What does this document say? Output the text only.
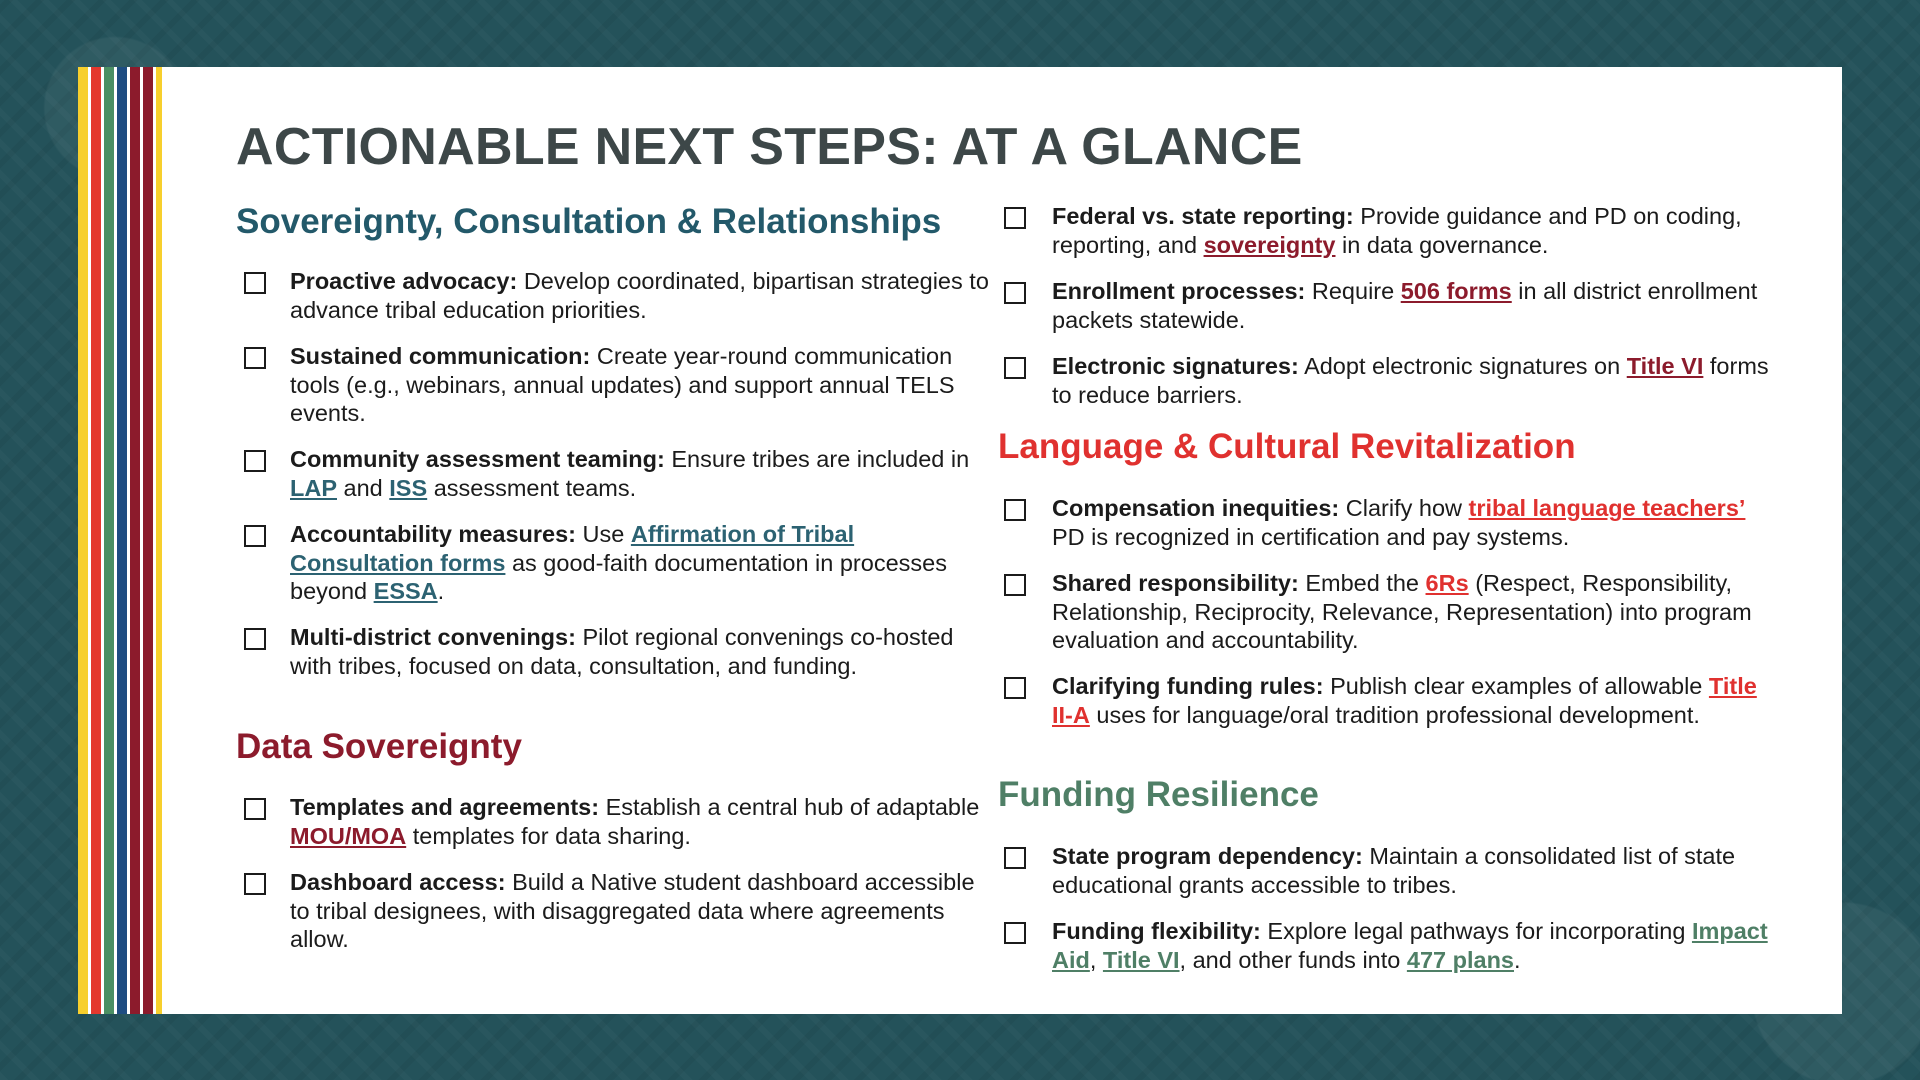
ACTIONABLE NEXT STEPS: AT A GLANCE
Sovereignty, Consultation & Relationships
Proactive advocacy: Develop coordinated, bipartisan strategies to advance tribal education priorities.
Sustained communication: Create year-round communication tools (e.g., webinars, annual updates) and support annual TELS events.
Community assessment teaming: Ensure tribes are included in LAP and ISS assessment teams.
Accountability measures: Use Affirmation of Tribal Consultation forms as good-faith documentation in processes beyond ESSA.
Multi-district convenings: Pilot regional convenings co-hosted with tribes, focused on data, consultation, and funding.
Data Sovereignty
Templates and agreements: Establish a central hub of adaptable MOU/MOA templates for data sharing.
Dashboard access: Build a Native student dashboard accessible to tribal designees, with disaggregated data where agreements allow.
Federal vs. state reporting: Provide guidance and PD on coding, reporting, and sovereignty in data governance.
Enrollment processes: Require 506 forms in all district enrollment packets statewide.
Electronic signatures: Adopt electronic signatures on Title VI forms to reduce barriers.
Language & Cultural Revitalization
Compensation inequities: Clarify how tribal language teachers’ PD is recognized in certification and pay systems.
Shared responsibility: Embed the 6Rs (Respect, Responsibility, Relationship, Reciprocity, Relevance, Representation) into program evaluation and accountability.
Clarifying funding rules: Publish clear examples of allowable Title II-A uses for language/oral tradition professional development.
Funding Resilience
State program dependency: Maintain a consolidated list of state educational grants accessible to tribes.
Funding flexibility: Explore legal pathways for incorporating Impact Aid, Title VI, and other funds into 477 plans.
